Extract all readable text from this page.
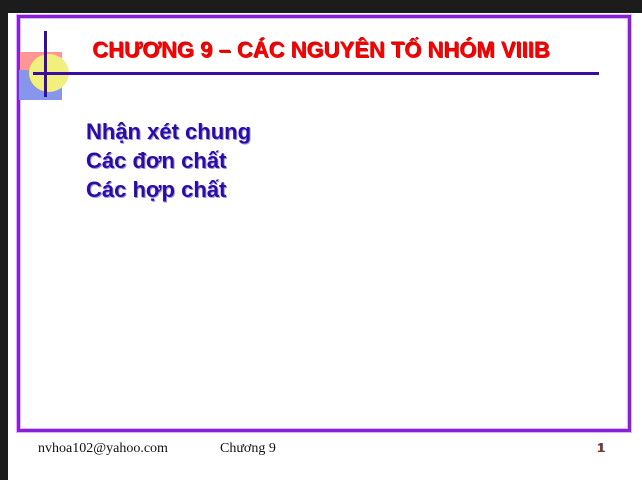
CHƯƠNG 9 – CÁC NGUYÊN TỐ NHÓM VIIIB
Nhận xét chung
Các đơn chất
Các hợp chất
nvhoa102@yahoo.com	Chương 9	1
